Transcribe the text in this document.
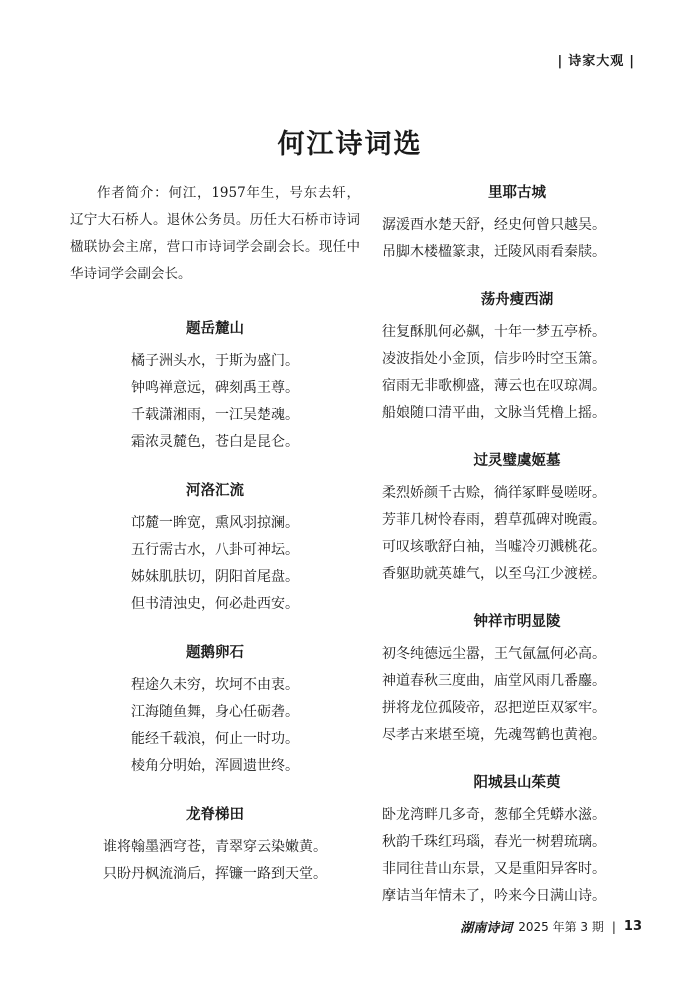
| 诗家大观 |
何江诗词选

作者简介：何江，1957年生，号东去轩，辽宁大石桥人。退休公务员。历任大石桥市诗词楹联协会主席，营口市诗词学会副会长。现任中华诗词学会副会长。

题岳麓山
橘子洲头水，于斯为盛门。
钟鸣禅意远，碑刻禹王尊。
千载潇湘雨，一江吴楚魂。
霜浓灵麓色，苍白是昆仑。
河洛汇流
邙麓一眸宽，熏风羽掠澜。
五行需古水，八卦可神坛。
姊妹肌肤切，阴阳首尾盘。
但书清浊史，何必赴西安。
题鹅卵石
程途久未穷，坎坷不由衷。
江海随鱼舞，身心任砺砻。
能经千载浪，何止一时功。
棱角分明始，浑圆遗世终。
龙脊梯田
谁将翰墨洒穹苍，青翠穿云染嫩黄。
只盼丹枫流淌后，挥镰一路到天堂。
里耶古城
潺湲酉水楚天舒，经史何曾只越吴。
吊脚木楼楹篆隶，迁陵风雨看秦牍。
荡舟瘦西湖
往复酥肌何必飙，十年一梦五亭桥。
凌波指处小金顶，信步吟时空玉箫。
宿雨无非歌柳盛，薄云也在叹琼凋。
船娘随口清平曲，文脉当凭橹上摇。
过灵璧虞姬墓
柔烈娇颜千古赊，徜徉冢畔曼嗟呀。
芳菲几树怜春雨，碧草孤碑对晚霞。
可叹垓歌舒白袖，当嘘冷刃溅桃花。
香躯助就英雄气，以至乌江少渡槎。
钟祥市明显陵
初冬纯德远尘嚣，王气氤氲何必高。
神道春秋三度曲，庙堂风雨几番鏖。
拼将龙位孤陵帝，忍把逆臣双冢牢。
尽孝古来堪至境，先魂驾鹤也黄袍。
阳城县山茱萸
卧龙湾畔几多奇，葱郁全凭蟒水滋。
秋韵千珠红玛瑙，春光一树碧琉璃。
非同往昔山东景，又是重阳异客时。
摩诘当年情未了，吟来今日满山诗。
湖南诗词 2025 年第 3 期 | 13
